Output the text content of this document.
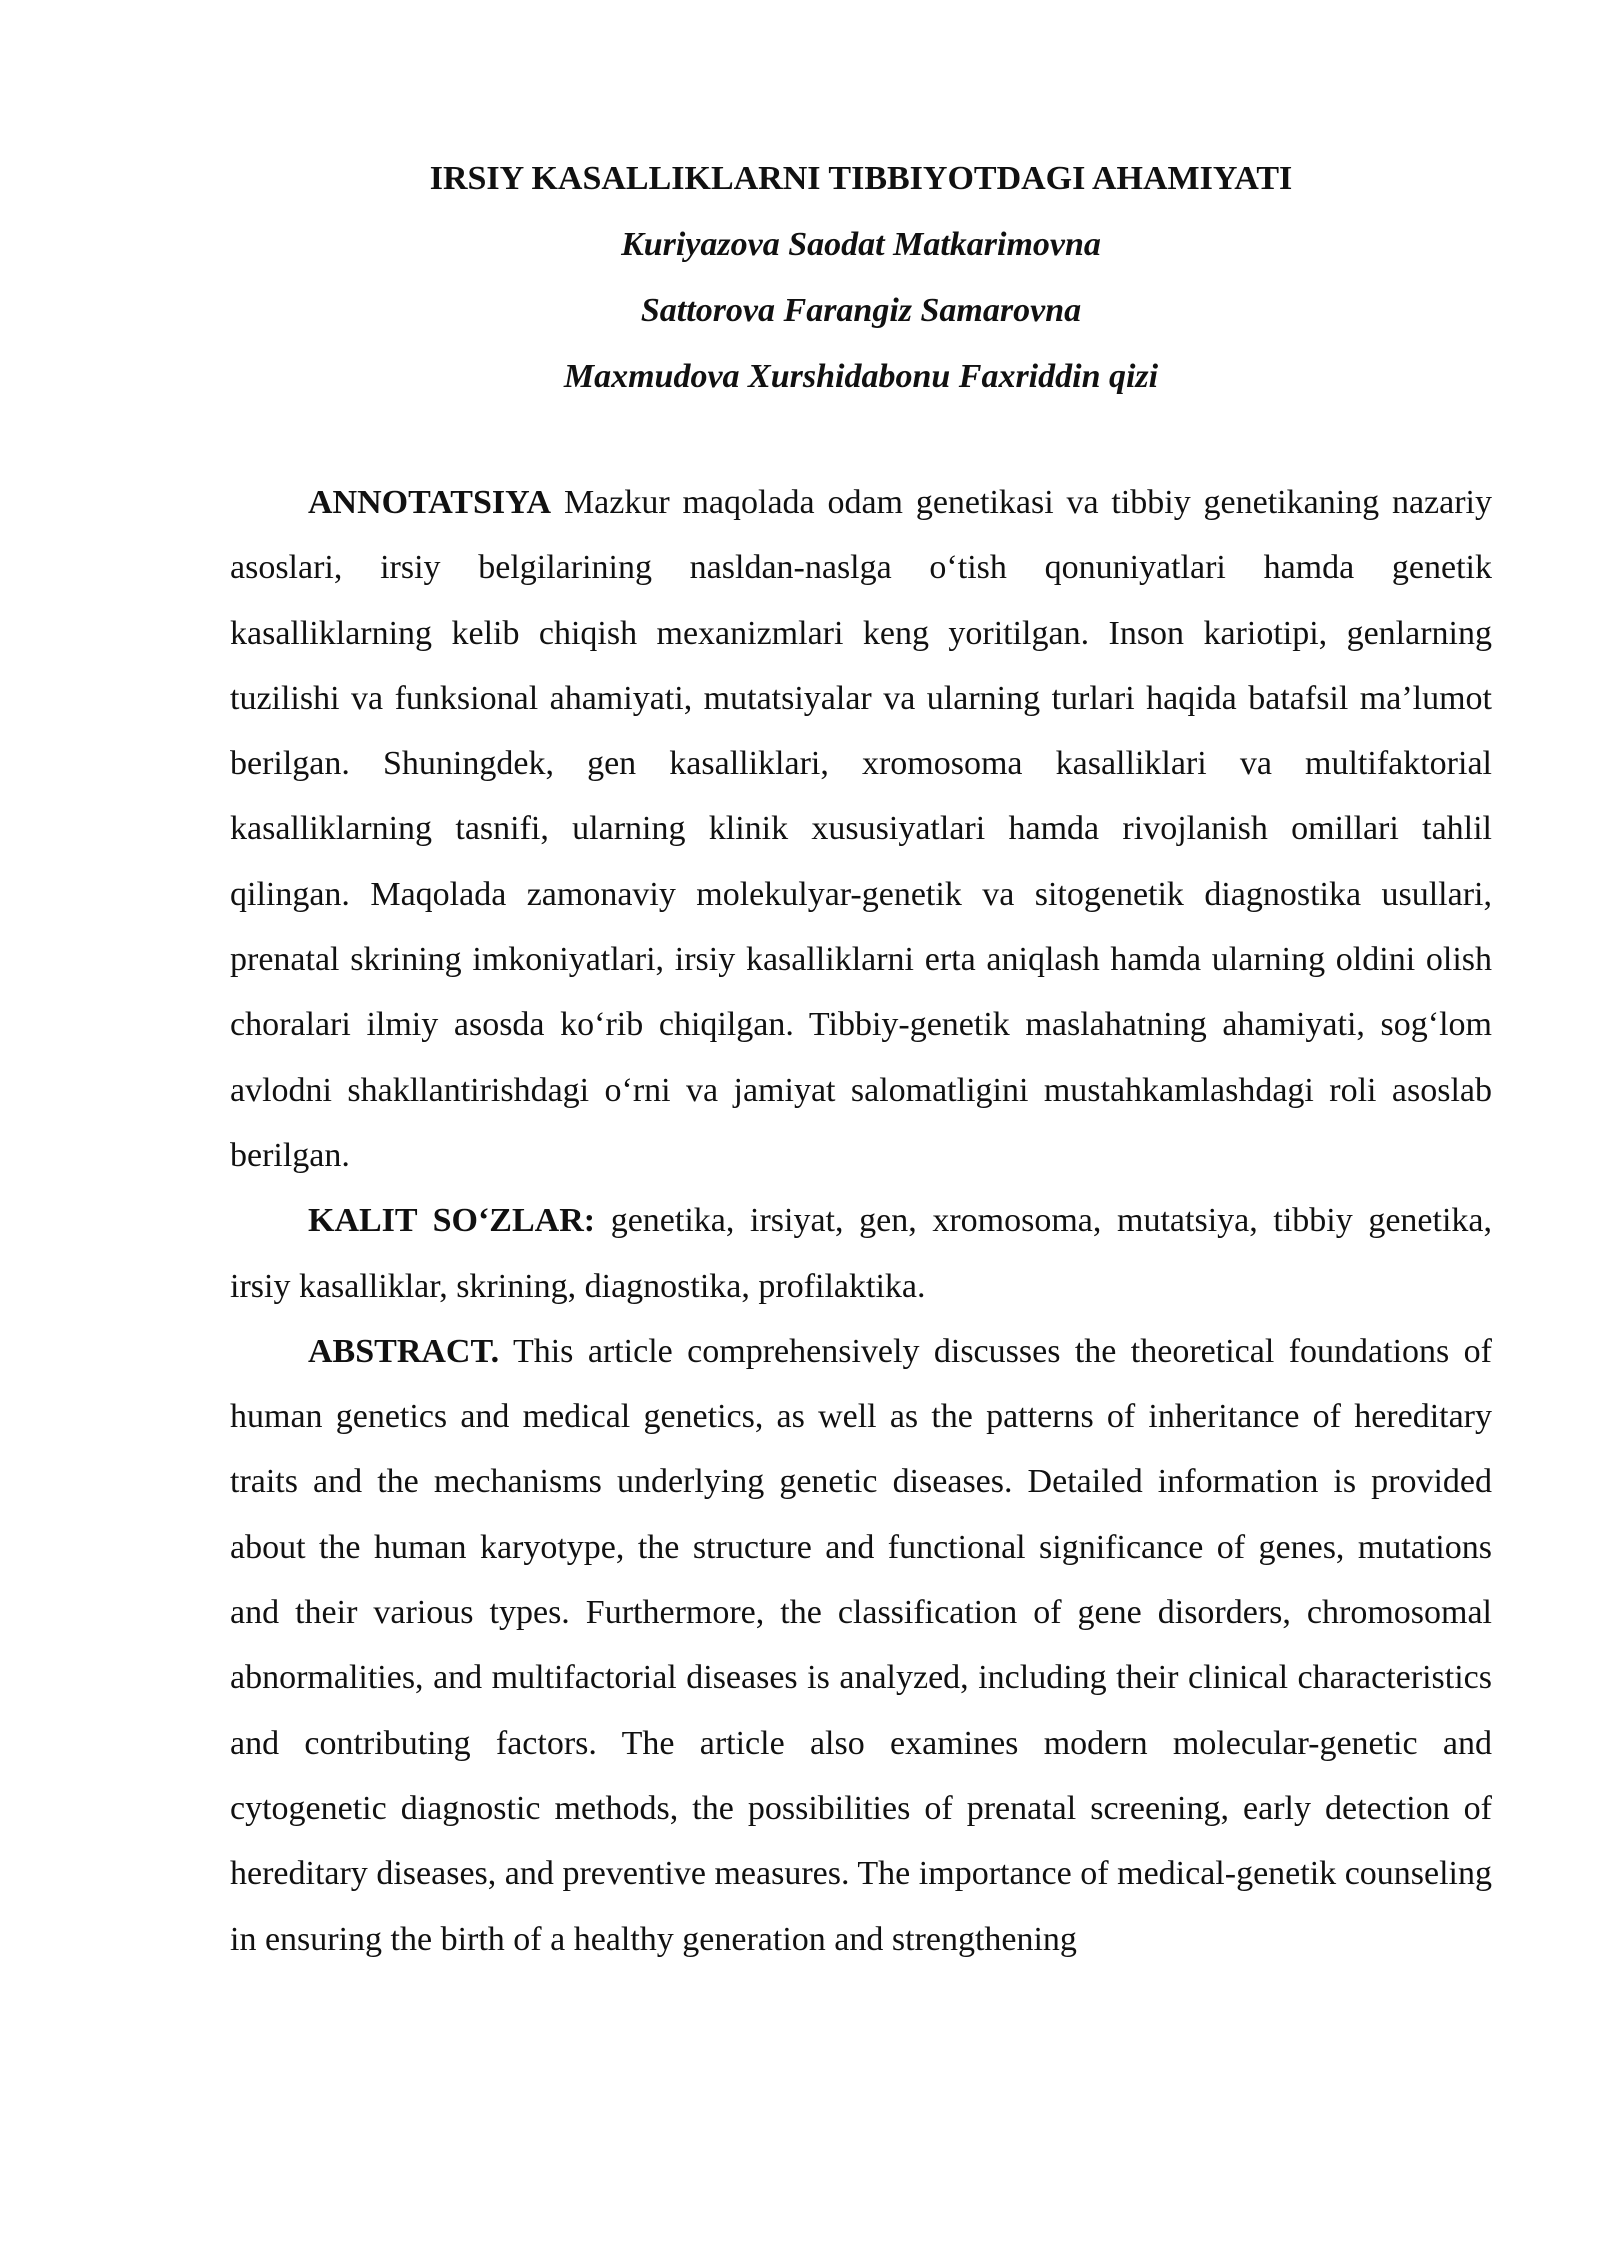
IRSIY KASALLIKLARNI TIBBIYOTDAGI AHAMIYATI

Kuriyazova Saodat Matkarimovna

Sattorova Farangiz Samarovna

Maxmudova Xurshidabonu Faxriddin qizi

ANNOTATSIYA Mazkur maqolada odam genetikasi va tibbiy genetikaning nazariy asoslari, irsiy belgilarining nasldan-naslga o‘tish qonuniyatlari hamda genetik kasalliklarning kelib chiqish mexanizmlari keng yoritilgan. Inson kariotipi, genlarning tuzilishi va funksional ahamiyati, mutatsiyalar va ularning turlari haqida batafsil ma’lumot berilgan. Shuningdek, gen kasalliklari, xromosoma kasalliklari va multifaktorial kasalliklarning tasnifi, ularning klinik xususiyatlari hamda rivojlanish omillari tahlil qilingan. Maqolada zamonaviy molekulyar-genetik va sitogenetik diagnostika usullari, prenatal skrining imkoniyatlari, irsiy kasalliklarni erta aniqlash hamda ularning oldini olish choralari ilmiy asosda ko‘rib chiqilgan. Tibbiy-genetik maslahatning ahamiyati, sog‘lom avlodni shakllantirishdagi o‘rni va jamiyat salomatligini mustahkamlashdagi roli asoslab berilgan.

KALIT SO‘ZLAR: genetika, irsiyat, gen, xromosoma, mutatsiya, tibbiy genetika, irsiy kasalliklar, skrining, diagnostika, profilaktika.

ABSTRACT. This article comprehensively discusses the theoretical foundations of human genetics and medical genetics, as well as the patterns of inheritance of hereditary traits and the mechanisms underlying genetic diseases. Detailed information is provided about the human karyotype, the structure and functional significance of genes, mutations and their various types. Furthermore, the classification of gene disorders, chromosomal abnormalities, and multifactorial diseases is analyzed, including their clinical characteristics and contributing factors. The article also examines modern molecular-genetic and cytogenetic diagnostic methods, the possibilities of prenatal screening, early detection of hereditary diseases, and preventive measures. The importance of medical-genetik counseling in ensuring the birth of a healthy generation and strengthening
